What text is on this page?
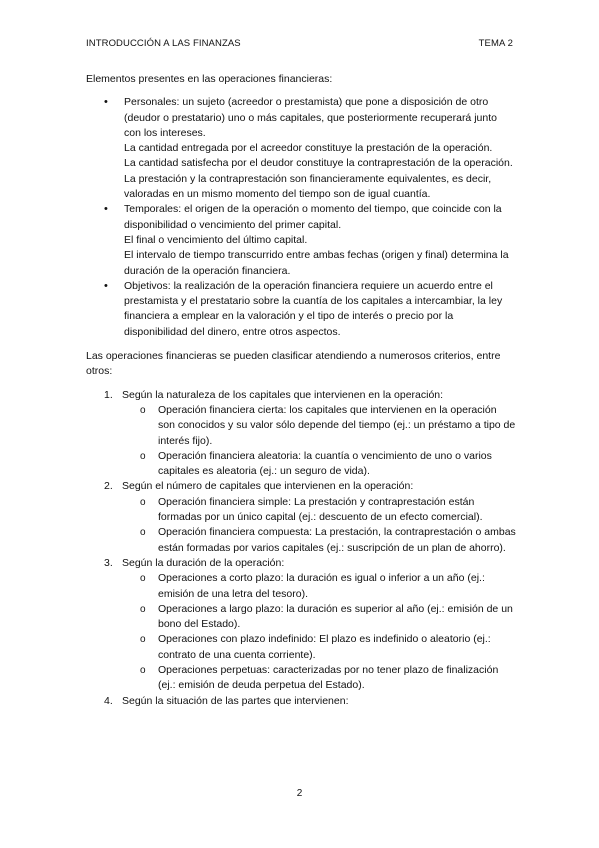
INTRODUCCIÓN A LAS FINANZAS	TEMA 2

Elementos presentes en las operaciones financieras:

• Personales: un sujeto (acreedor o prestamista) que pone a disposición de otro (deudor o prestatario) uno o más capitales, que posteriormente recuperará junto con los intereses.
La cantidad entregada por el acreedor constituye la prestación de la operación.
La cantidad satisfecha por el deudor constituye la contraprestación de la operación. La prestación y la contraprestación son financieramente equivalentes, es decir, valoradas en un mismo momento del tiempo son de igual cuantía.
• Temporales: el origen de la operación o momento del tiempo, que coincide con la disponibilidad o vencimiento del primer capital.
El final o vencimiento del último capital.
El intervalo de tiempo transcurrido entre ambas fechas (origen y final) determina la duración de la operación financiera.
• Objetivos: la realización de la operación financiera requiere un acuerdo entre el prestamista y el prestatario sobre la cuantía de los capitales a intercambiar, la ley financiera a emplear en la valoración y el tipo de interés o precio por la disponibilidad del dinero, entre otros aspectos.

Las operaciones financieras se pueden clasificar atendiendo a numerosos criterios, entre otros:

1. Según la naturaleza de los capitales que intervienen en la operación:
o Operación financiera cierta: los capitales que intervienen en la operación son conocidos y su valor sólo depende del tiempo (ej.: un préstamo a tipo de interés fijo).
o Operación financiera aleatoria: la cuantía o vencimiento de uno o varios capitales es aleatoria (ej.: un seguro de vida).
2. Según el número de capitales que intervienen en la operación:
o Operación financiera simple: La prestación y contraprestación están formadas por un único capital (ej.: descuento de un efecto comercial).
o Operación financiera compuesta: La prestación, la contraprestación o ambas están formadas por varios capitales (ej.: suscripción de un plan de ahorro).
3. Según la duración de la operación:
o Operaciones a corto plazo: la duración es igual o inferior a un año (ej.: emisión de una letra del tesoro).
o Operaciones a largo plazo: la duración es superior al año (ej.: emisión de un bono del Estado).
o Operaciones con plazo indefinido: El plazo es indefinido o aleatorio (ej.: contrato de una cuenta corriente).
o Operaciones perpetuas: caracterizadas por no tener plazo de finalización (ej.: emisión de deuda perpetua del Estado).
4. Según la situación de las partes que intervienen:
2
